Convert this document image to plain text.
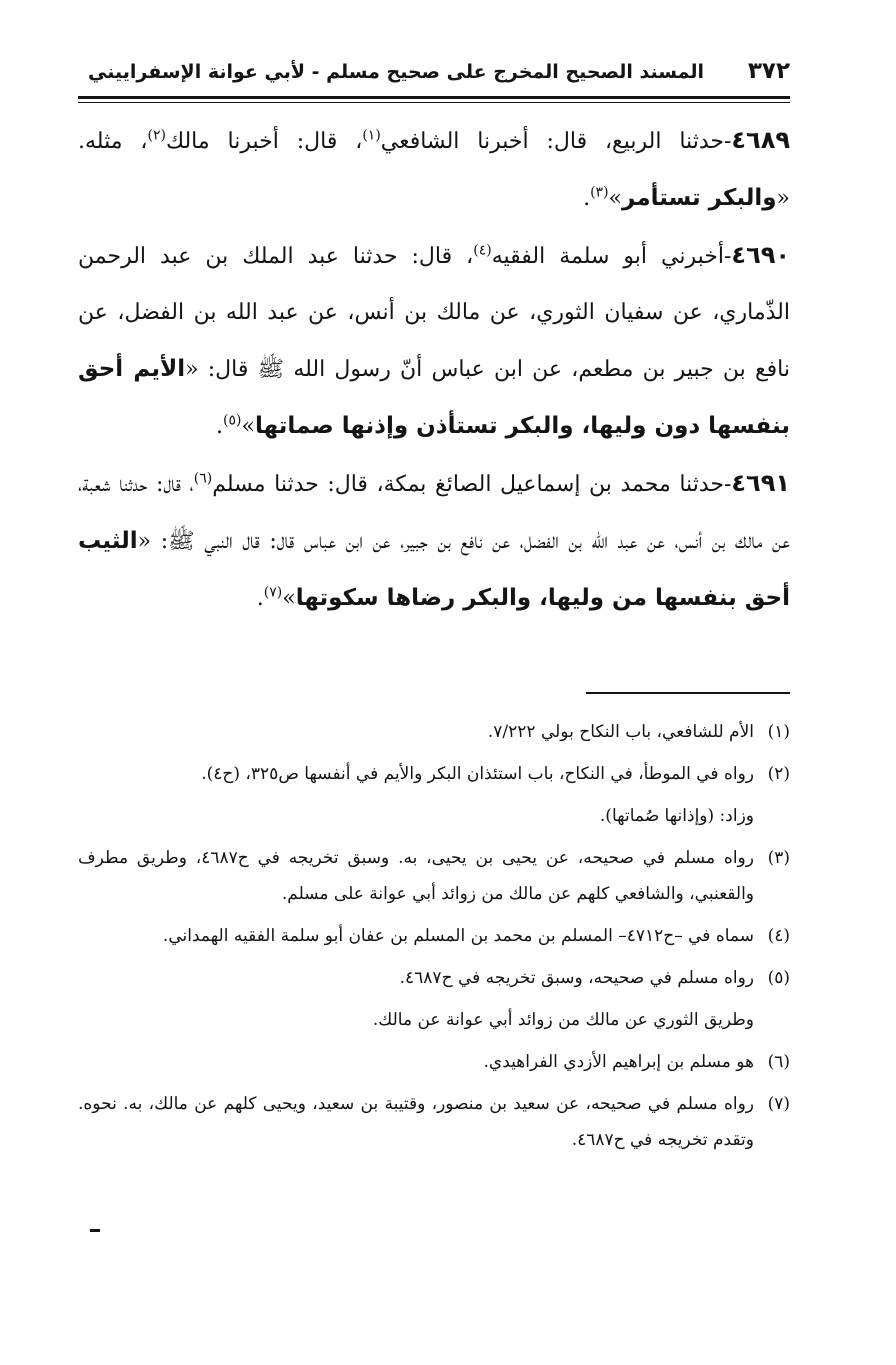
٣٧٢
المسند الصحيح المخرج على صحيح مسلم - لأبي عوانة الإسفراييني

٤٦٨٩-حدثنا الربيع، قال: أخبرنا الشافعي$^{(١)}$، قال: أخبرنا مالك$^{(٢)}$، مثله. «والبكر تستأمر»$^{(٣)}$.

٤٦٩٠-أخبرني أبو سلمة الفقيه$^{(٤)}$، قال: حدثنا عبد الملك بن عبد الرحمن الذّماري، عن سفيان الثوري، عن مالك بن أنس، عن عبد الله بن الفضل، عن نافع بن جبير بن مطعم، عن ابن عباس أنّ رسول الله ﷺ قال: «الأيم أحق بنفسها دون وليها، والبكر تستأذن وإذنها صماتها»$^{(٥)}$.

٤٦٩١-حدثنا محمد بن إسماعيل الصائغ بمكة، قال: حدثنا مسلم$^{(٦)}$، قال: حدثنا شعبة، عن مالك بن أنس، عن عبد الله بن الفضل، عن نافع بن جبير، عن ابن عباس قال: قال النبي ﷺ: «الثيب أحق بنفسها من وليها، والبكر رضاها سكوتها»$^{(٧)}$.

(١)الأم للشافعي، باب النكاح بولي ٧/٢٢٢.

(٢)رواه في الموطأ، في النكاح، باب استئذان البكر والأيم في أنفسها ص٣٢٥، (ح٤).

وزاد: (وإذانها صُماتها).

(٣)رواه مسلم في صحيحه، عن يحيى بن يحيى، به. وسبق تخريجه في ح٤٦٨٧، وطريق مطرف والقعنبي، والشافعي كلهم عن مالك من زوائد أبي عوانة على مسلم.

(٤)سماه في –ح٤٧١٢– المسلم بن محمد بن المسلم بن عفان أبو سلمة الفقيه الهمداني.

(٥)رواه مسلم في صحيحه، وسبق تخريجه في ح٤٦٨٧.

وطريق الثوري عن مالك من زوائد أبي عوانة عن مالك.

(٦)هو مسلم بن إبراهيم الأزدي الفراهيدي.

(٧)رواه مسلم في صحيحه، عن سعيد بن منصور، وقتيبة بن سعيد، ويحيى كلهم عن مالك، به. نحوه. وتقدم تخريجه في ح٤٦٨٧.
